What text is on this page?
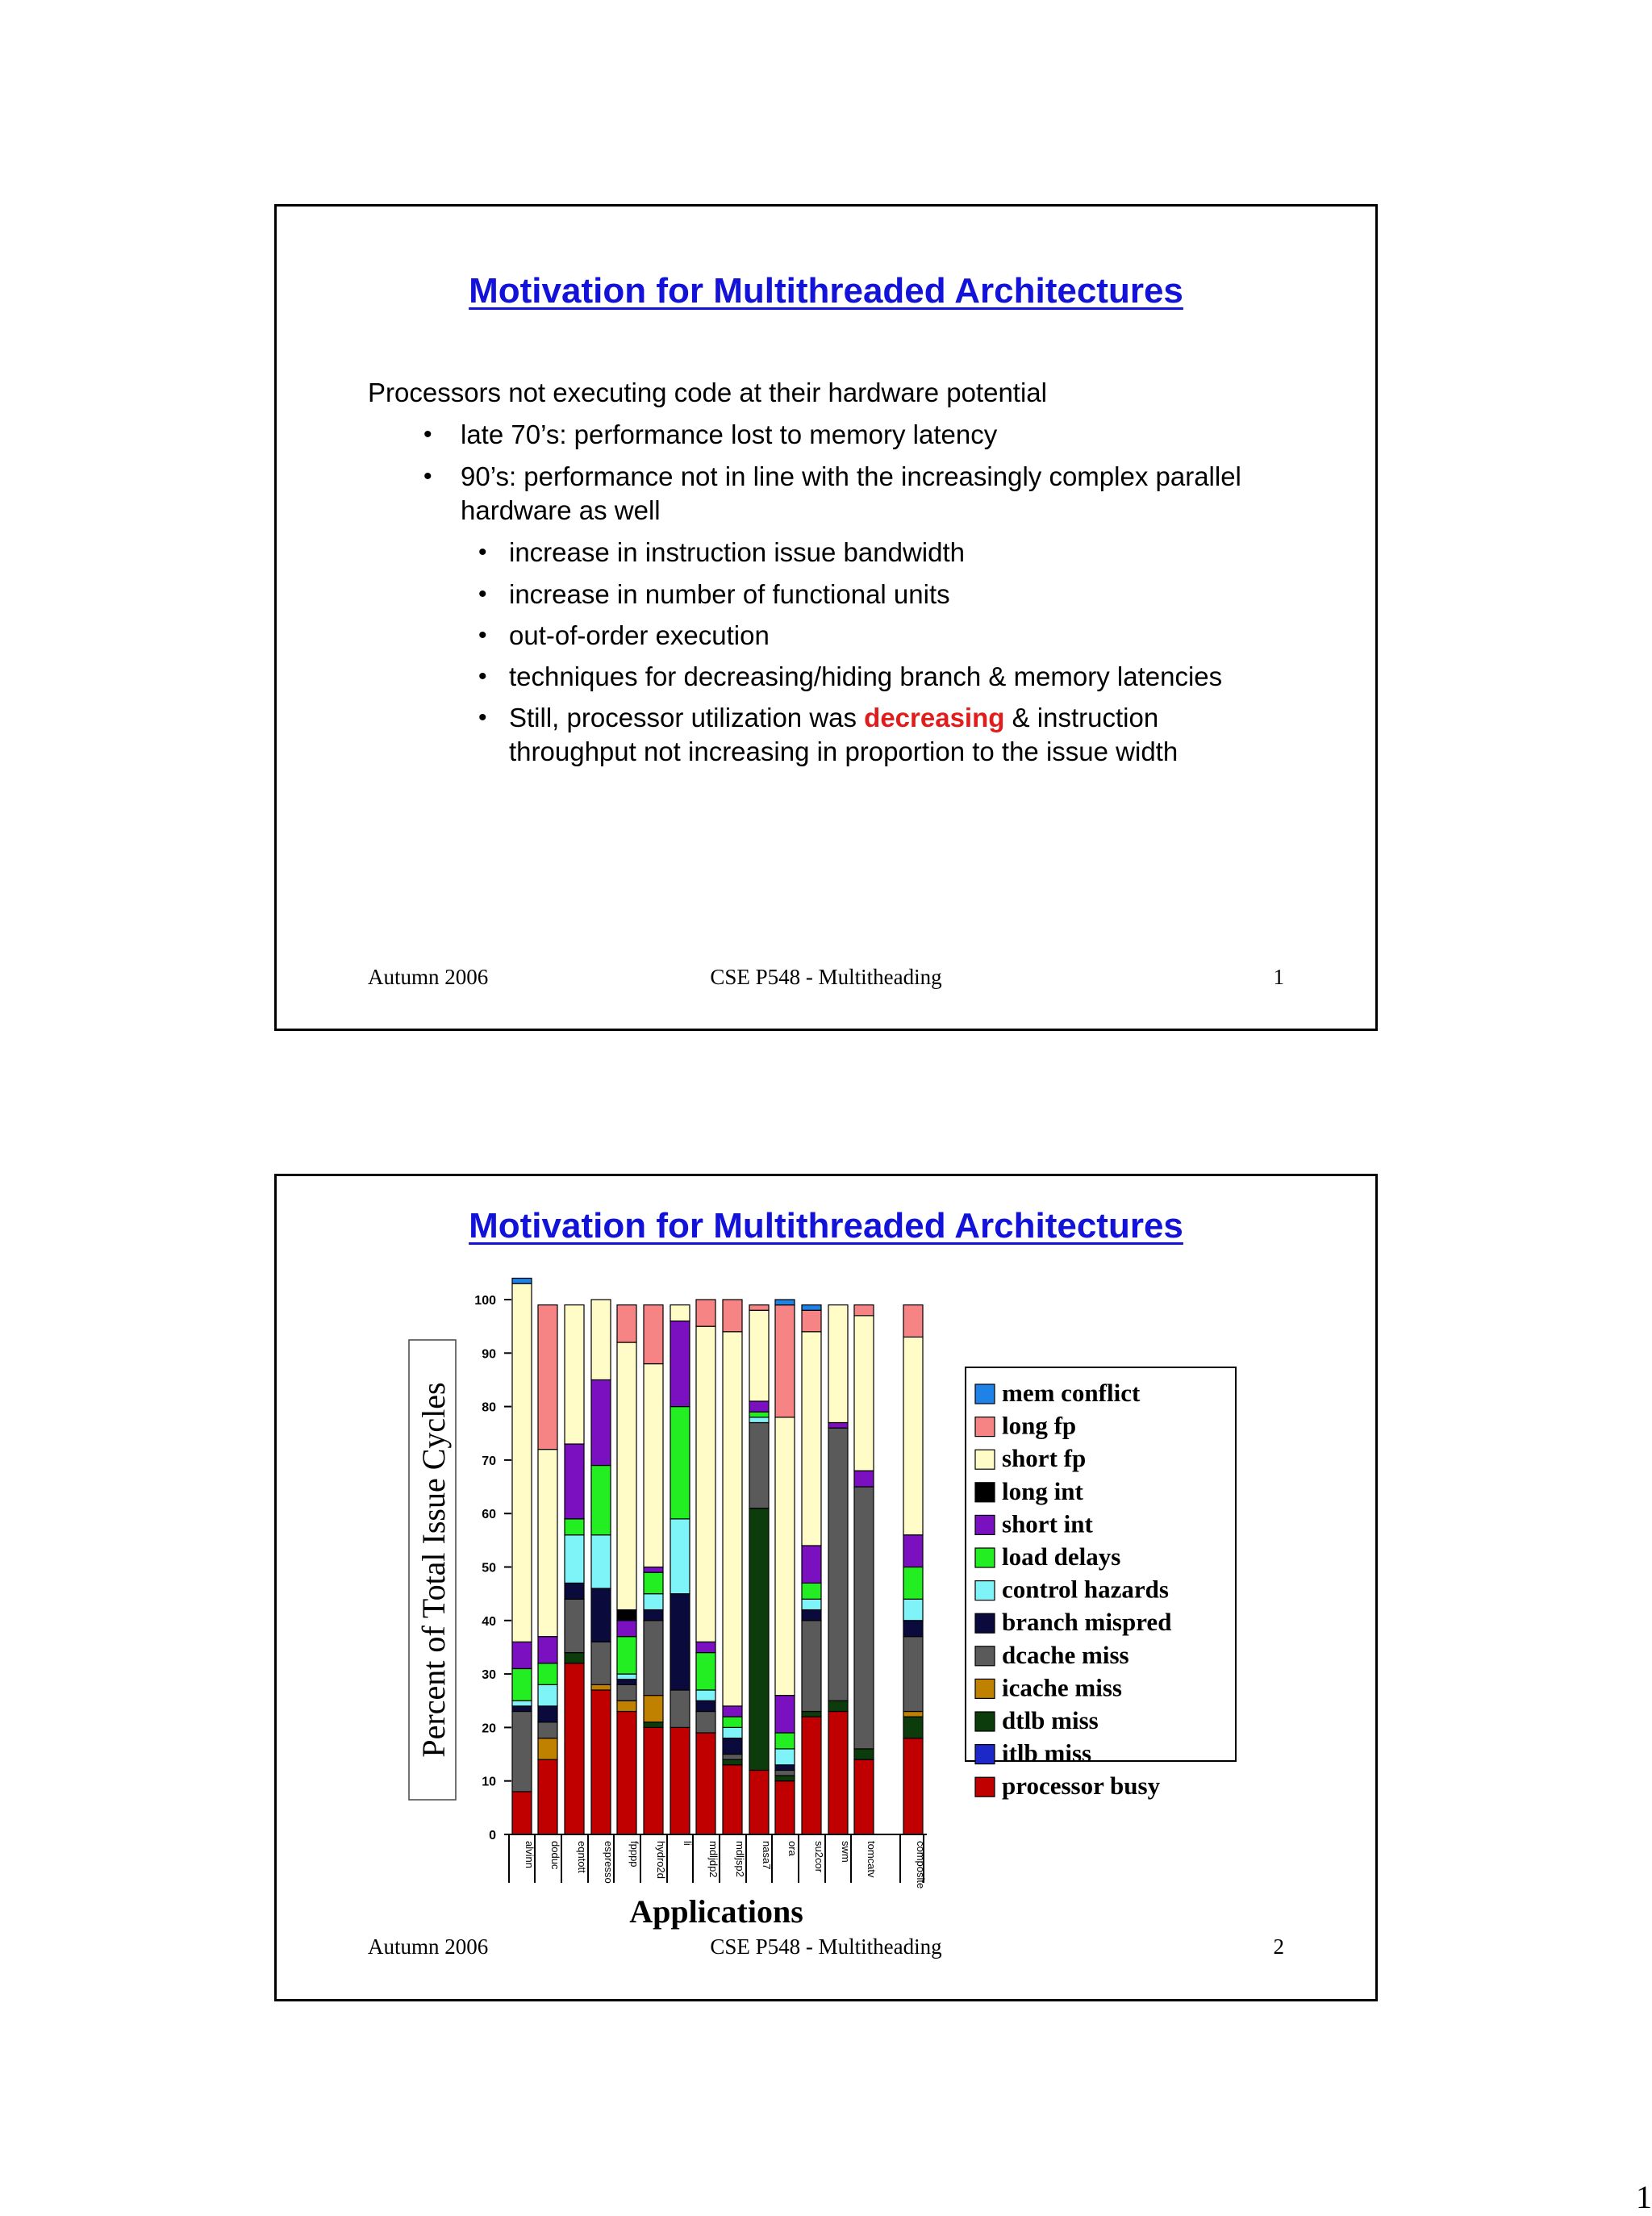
Motivation for Multithreaded Architectures
Processors not executing code at their hardware potential
• late 70’s: performance lost to memory latency
• 90’s: performance not in line with the increasingly complex parallel
hardware as well
• increase in instruction issue bandwidth
• increase in number of functional units
• out-of-order execution
• techniques for decreasing/hiding branch & memory latencies
• Still, processor utilization was decreasing & instruction
throughput not increasing in proportion to the issue width
Autumn 2006	CSE P548 - Multitheading	1
Motivation for Multithreaded Architectures
0
10
20
30
40
50
60
70
80
90
100
Percent of Total Issue Cycles
alvinn doduc eqntott espresso fpppp hydro2d li mdljdp2 mdljsp2 nasa7 ora su2cor swm tomcatv	composite
Applications
mem conflict
long fp
short fp
long int
short int
load delays
control hazards
branch mispred
dcache miss
icache miss
dtlb miss
itlb miss
processor busy
Autumn 2006	CSE P548 - Multitheading	2
1
